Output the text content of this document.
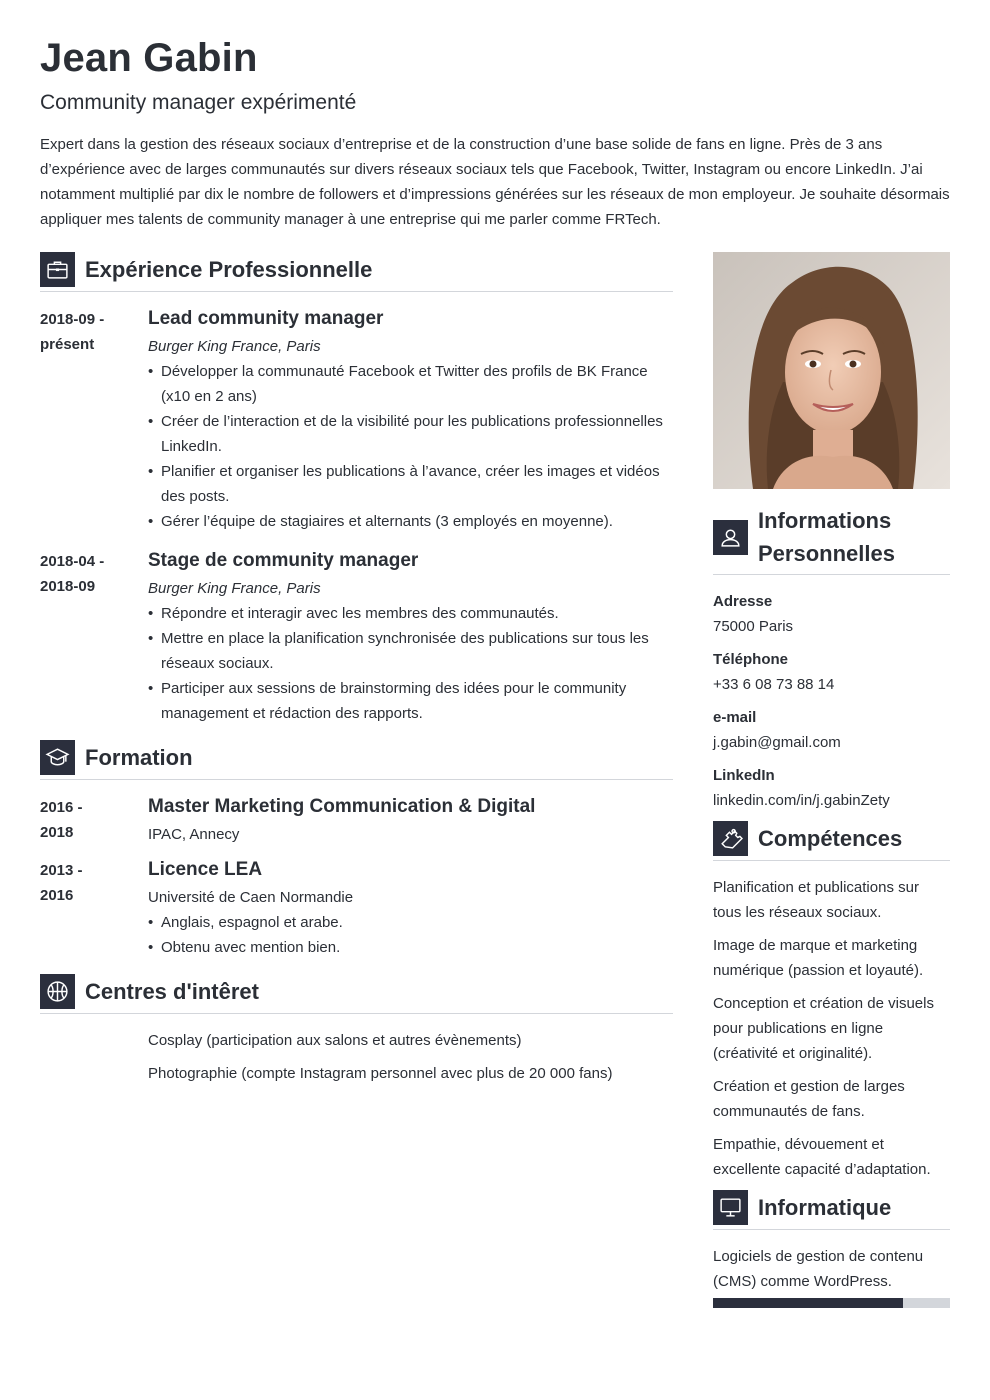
Jean Gabin
Community manager expérimenté

Expert dans la gestion des réseaux sociaux d’entreprise et de la construction d’une base solide de fans en ligne. Près de 3 ans d’expérience avec de larges communautés sur divers réseaux sociaux tels que Facebook, Twitter, Instagram ou encore LinkedIn. J’ai notamment multiplié par dix le nombre de followers et d’impressions générées sur les réseaux de mon employeur. Je souhaite désormais appliquer mes talents de community manager à une entreprise qui me parler comme FRTech.

Expérience Professionnelle
2018-09 -
présent
Lead community manager
Burger King France, Paris
• Développer la communauté Facebook et Twitter des profils de BK France (x10 en 2 ans)
• Créer de l’interaction et de la visibilité pour les publications professionnelles LinkedIn.
• Planifier et organiser les publications à l’avance, créer les images et vidéos des posts.
• Gérer l’équipe de stagiaires et alternants (3 employés en moyenne).
2018-04 -
2018-09
Stage de community manager
Burger King France, Paris
• Répondre et interagir avec les membres des communautés.
• Mettre en place la planification synchronisée des publications sur tous les réseaux sociaux.
• Participer aux sessions de brainstorming des idées pour le community management et rédaction des rapports.
Formation
2016 -
2018
Master Marketing Communication & Digital
IPAC, Annecy
2013 -
2016
Licence LEA
Université de Caen Normandie
• Anglais, espagnol et arabe.
• Obtenu avec mention bien.
Centres d'intêret
Cosplay (participation aux salons et autres évènements)
Photographie (compte Instagram personnel avec plus de 20 000 fans)
Informations Personnelles
Adresse
75000 Paris
Téléphone
+33 6 08 73 88 14
e-mail
j.gabin@gmail.com
LinkedIn
linkedin.com/in/j.gabinZety
Compétences
Planification et publications sur tous les réseaux sociaux.
Image de marque et marketing numérique (passion et loyauté).
Conception et création de visuels pour publications en ligne (créativité et originalité).
Création et gestion de larges communautés de fans.
Empathie, dévouement et excellente capacité d’adaptation.
Informatique
Logiciels de gestion de contenu (CMS) comme WordPress.
